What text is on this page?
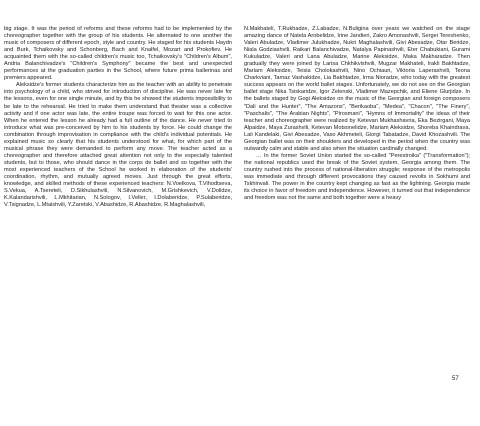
big stage. It was the period of reforms and these reforms had to be implemented by the choreographer together with the group of his students. He alternated to one another the music of composers of different epoch, style and country. He staged for his students Haydn and Burk, Tchaikovsky and Schonberg, Bach and Knalfel, Mozart and Prokofiev. He acquainted them with the so-called children's music too, Tchaikovsky's "Children's Album", Andria Balanchivadze's "Children's Symphony" became the best and unexpected performances at the graduation parties in the School, where future prima ballerinas and premiers appeared.

Aleksidze's former students characterize him as the teacher with an ability to penetrate into psychology of a child, who strived for introduction of discipline. He was never late for the lessons, even for one single minute, and by this he showed the students impossibility to be late to the rehearsal. He tried to make them understand that theater was a collective activity and if one actor was late, the entire troupe was forced to wait for this one actor. When he entered the lesson he already had a full outline of the dance. He never tried to introduce what was pre-conceived by him to his students by force. He could change the combination through improvisation in compliance with the child's individual potentials. He explained music so clearly that his students understood for what, for which part of the musical phrase they were demanded to perform any move. The teacher acted as a choreographer and therefore attached great attention not only to the especially talented students, but to those, who should dance in the corps de ballet and so together with the most experienced teachers of the School he worked in elaboration of the students' coordination, rhythm, and mutually agreed moves. Just through the great efforts, knowledge, and skilled methods of these experienced teachers: N.Voelkova, T.Vihodtseva, S.Vekua, A.Tsereteli, D.Sikhulashvili, N.Silvanovich, M.Grishkevich, V.Dolidze, K.Kalandarishvili, L.Mkhitarian, N.Sologov, I.Veller, I.Dolaberidze, P.Sulaberidze, V.Tsignadze, L.Mtaishvili, Y.Zaretski, V.Abashidze, R.Abashidze, R.Maghalashvili,

N.Makhateli, T.Rukhadze, Z.Labadze, N.Buligina over years we watched on the stage amazing dance of Natela Arobelidze, Irine Jandieri, Zakro Amonashvili, Sergei Tereshenko, Valeri Abuladze, Vladimer Julukhadze, Nukri Maghalashvili, Givi Abesadze, Otar Beridze, Niala Godziashvili, Raikari Balanchivadze, Natalya Papinashvili, Eter Chabukiani, Gurami Kukuladze, Valeri and Lana Abuladze, Marine Aleksidze, Maka Makharadze. Then gradually they were joined by Larisa Chkhikvishvili, Mugzar Makhateli, Irakli Bakhtadze, Mariam Aleksidze, Teisia Cholokashvili, Nino Ochiauri, Viktoria Laperashvili, Teona Charkviani, Tamaz Vashakidze, Lia Bakhtadze, Irma Nioradze, who today with the greatest success appears on the world ballet stages. Unfortunately, we do not see on the Georgian ballet stage Nika Tsiskaridze, Igor Zelenski, Vladimer Mazepchik, and Eliene Glurjidze. In the ballets staged by Gogi Aleksidze on the music of the Georgian and foreign composers "Dali and the Hunter", "The Amazons", "Berikaoba", "Medea", "Chacon", "The Finery", "Paschalis", "The Arabian Nights", "Pirosmani", "Hymns of Immortality" the ideas of their teacher and choreographer were realized by Ketevan Mukhashavria, Eka Bezirgani, Maya Alpaidze, Maya Zurashvili, Ketevan Motsonelidze, Mariam Aleksidze, Shoreba Khaindrava, Lali Kandelaki, Givi Abesadze, Vaso Akhmeteli, Giorgi Tabatadze, David Khozashvili. The Georgian ballet was on their shoulders and developed in the period when the country was outwardly calm and stable and also when the situation cardinally changed.

… In the former Soviet Union started the so-called "Perestroika" ("Transformation"); the national republics used the break of the Soviet system, Georgia among them. The country rushed into the process of national-liberation struggle; response of the metropolis was immediate and through different provocations they caused revolts in Sokhumi and Tskhinvali. The power in the country kept changing as fast as the lightning. Georgia made its choice in favor of freedom and independence. However, it turned out that independence and freedom was not the same and both together were a heavy

57
